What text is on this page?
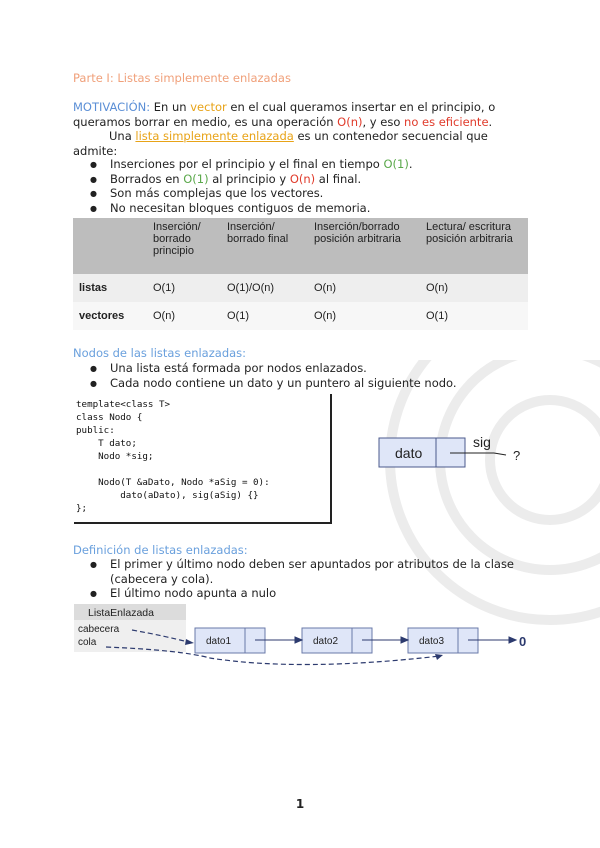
Parte I: Listas simplemente enlazadas
MOTIVACIÓN: En un vector en el cual queramos insertar en el principio, o queramos borrar en medio, es una operación O(n), y eso no es eficiente.
Una lista simplemente enlazada es un contenedor secuencial que admite:
● Inserciones por el principio y el final en tiempo O(1).
● Borrados en O(1) al principio y O(n) al final.
● Son más complejas que los vectores.
● No necesitan bloques contiguos de memoria.
	Inserción/ borrado principio	Inserción/ borrado final	Inserción/borrado posición arbitraria	Lectura/ escritura posición arbitraria
listas	O(1)	O(1)/O(n)	O(n)	O(n)
vectores	O(n)	O(1)	O(n)	O(1)
Nodos de las listas enlazadas:
● Una lista está formada por nodos enlazados.
● Cada nodo contiene un dato y un puntero al siguiente nodo.
template<class T>
class Nodo {
public:
T dato;
Nodo *sig;

Nodo(T &aDato, Nodo *aSig = 0):
dato(aDato), sig(aSig) {}
};
dato
sig
?
Definición de listas enlazadas:
● El primer y último nodo deben ser apuntados por atributos de la clase (cabecera y cola).
● El último nodo apunta a nulo
ListaEnlazada
cabecera
cola	dato1	dato2	dato3	0
1
